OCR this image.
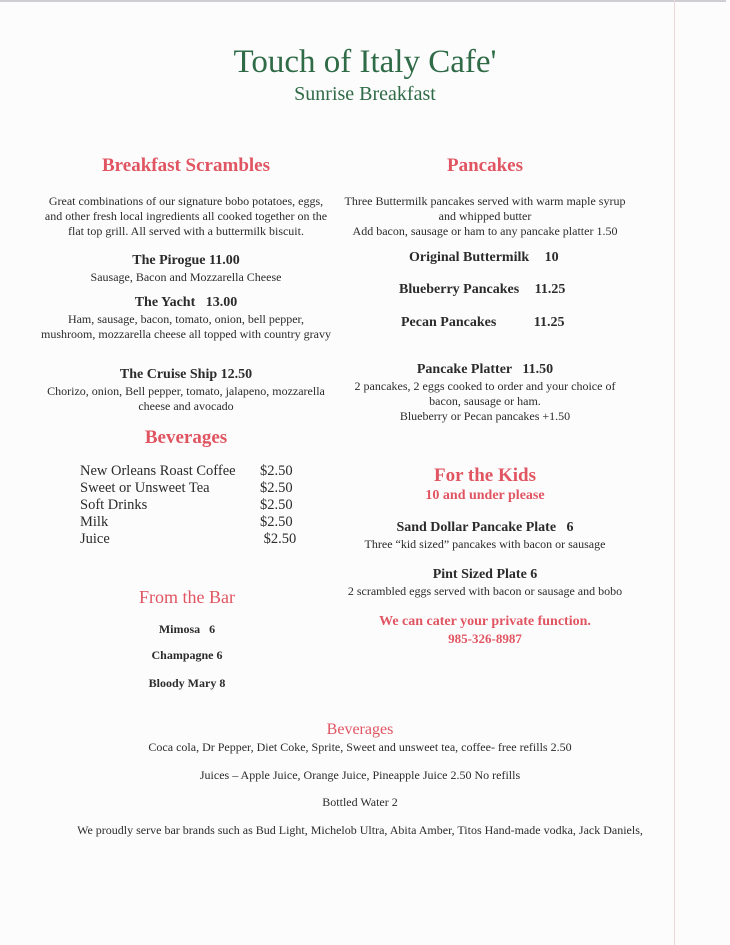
Touch of Italy Cafe'
Sunrise Breakfast
Breakfast Scrambles
Great combinations of our signature bobo potatoes, eggs,
and other fresh local ingredients all cooked together on the
flat top grill. All served with a buttermilk biscuit.
The Pirogue 11.00
Sausage, Bacon and Mozzarella Cheese
The Yacht   13.00
Ham, sausage, bacon, tomato, onion, bell pepper,
mushroom, mozzarella cheese all topped with country gravy
The Cruise Ship 12.50
Chorizo, onion, Bell pepper, tomato, jalapeno, mozzarella
cheese and avocado
Beverages
New Orleans Roast Coffee	$2.50
Sweet or Unsweet Tea	$2.50
Soft Drinks	$2.50
Milk	$2.50
Juice	$2.50
From the Bar
Mimosa   6
Champagne 6
Bloody Mary 8
Pancakes
Three Buttermilk pancakes served with warm maple syrup
and whipped butter
Add bacon, sausage or ham to any pancake platter 1.50
Original Buttermilk 10
Blueberry Pancakes 11.25
Pecan Pancakes	11.25
Pancake Platter   11.50
2 pancakes, 2 eggs cooked to order and your choice of
bacon, sausage or ham.
Blueberry or Pecan pancakes +1.50
For the Kids
10 and under please
Sand Dollar Pancake Plate   6
Three “kid sized” pancakes with bacon or sausage
Pint Sized Plate 6
2 scrambled eggs served with bacon or sausage and bobo
We can cater your private function.
985-326-8987
Beverages
Coca cola, Dr Pepper, Diet Coke, Sprite, Sweet and unsweet tea, coffee- free refills 2.50
Juices – Apple Juice, Orange Juice, Pineapple Juice 2.50 No refills
Bottled Water 2
We proudly serve bar brands such as Bud Light, Michelob Ultra, Abita Amber, Titos Hand-made vodka, Jack Daniels,
